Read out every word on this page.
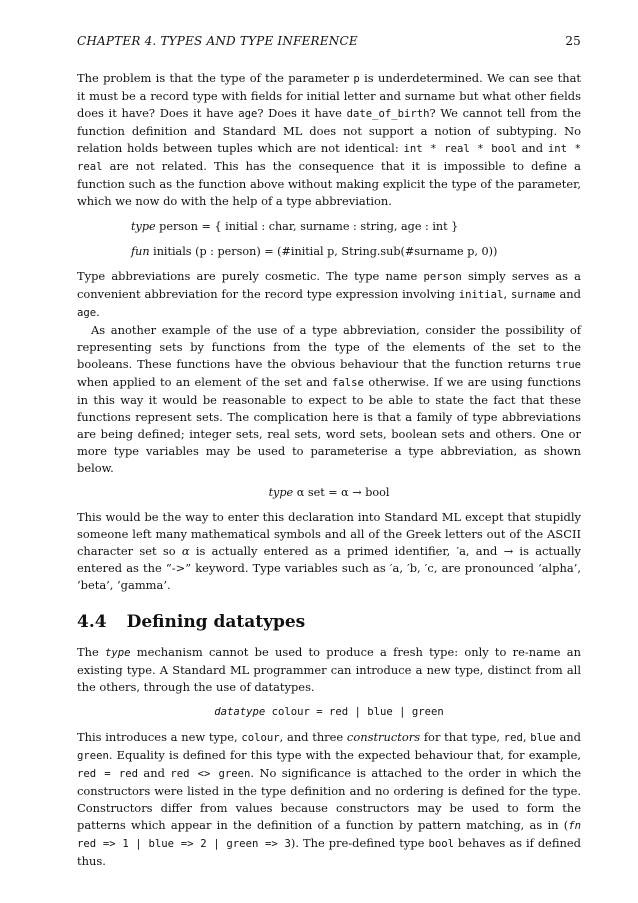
CHAPTER 4. TYPES AND TYPE INFERENCE	25

The problem is that the type of the parameter p is underdetermined. We can see that it must be a record type with fields for initial letter and surname but what other fields does it have? Does it have age? Does it have date_of_birth? We cannot tell from the function definition and Standard ML does not support a notion of subtyping. No relation holds between tuples which are not identical: int * real * bool and int * real are not related. This has the consequence that it is impossible to define a function such as the function above without making explicit the type of the parameter, which we now do with the help of a type abbreviation.

type person = { initial : char, surname : string, age : int }
fun initials (p : person) = (#initial p, String.sub(#surname p, 0))

Type abbreviations are purely cosmetic. The type name person simply serves as a convenient abbreviation for the record type expression involving initial, surname and age.

As another example of the use of a type abbreviation, consider the possibility of representing sets by functions from the type of the elements of the set to the booleans. These functions have the obvious behaviour that the function returns true when applied to an element of the set and false otherwise. If we are using functions in this way it would be reasonable to expect to be able to state the fact that these functions represent sets. The complication here is that a family of type abbreviations are being defined; integer sets, real sets, word sets, boolean sets and others. One or more type variables may be used to parameterise a type abbreviation, as shown below.

type α set = α → bool

This would be the way to enter this declaration into Standard ML except that stupidly someone left many mathematical symbols and all of the Greek letters out of the ASCII character set so α is actually entered as a primed identifier, ′a, and → is actually entered as the “->” keyword. Type variables such as ′a, ′b, ′c, are pronounced ‘alpha’, ‘beta’, ‘gamma’.

4.4 Defining datatypes

The type mechanism cannot be used to produce a fresh type: only to re-name an existing type. A Standard ML programmer can introduce a new type, distinct from all the others, through the use of datatypes.

datatype colour = red | blue | green

This introduces a new type, colour, and three constructors for that type, red, blue and green. Equality is defined for this type with the expected behaviour that, for example, red = red and red <> green. No significance is attached to the order in which the constructors were listed in the type definition and no ordering is defined for the type. Constructors differ from values because constructors may be used to form the patterns which appear in the definition of a function by pattern matching, as in (fn red => 1 | blue => 2 | green => 3). The pre-defined type bool behaves as if defined thus.
